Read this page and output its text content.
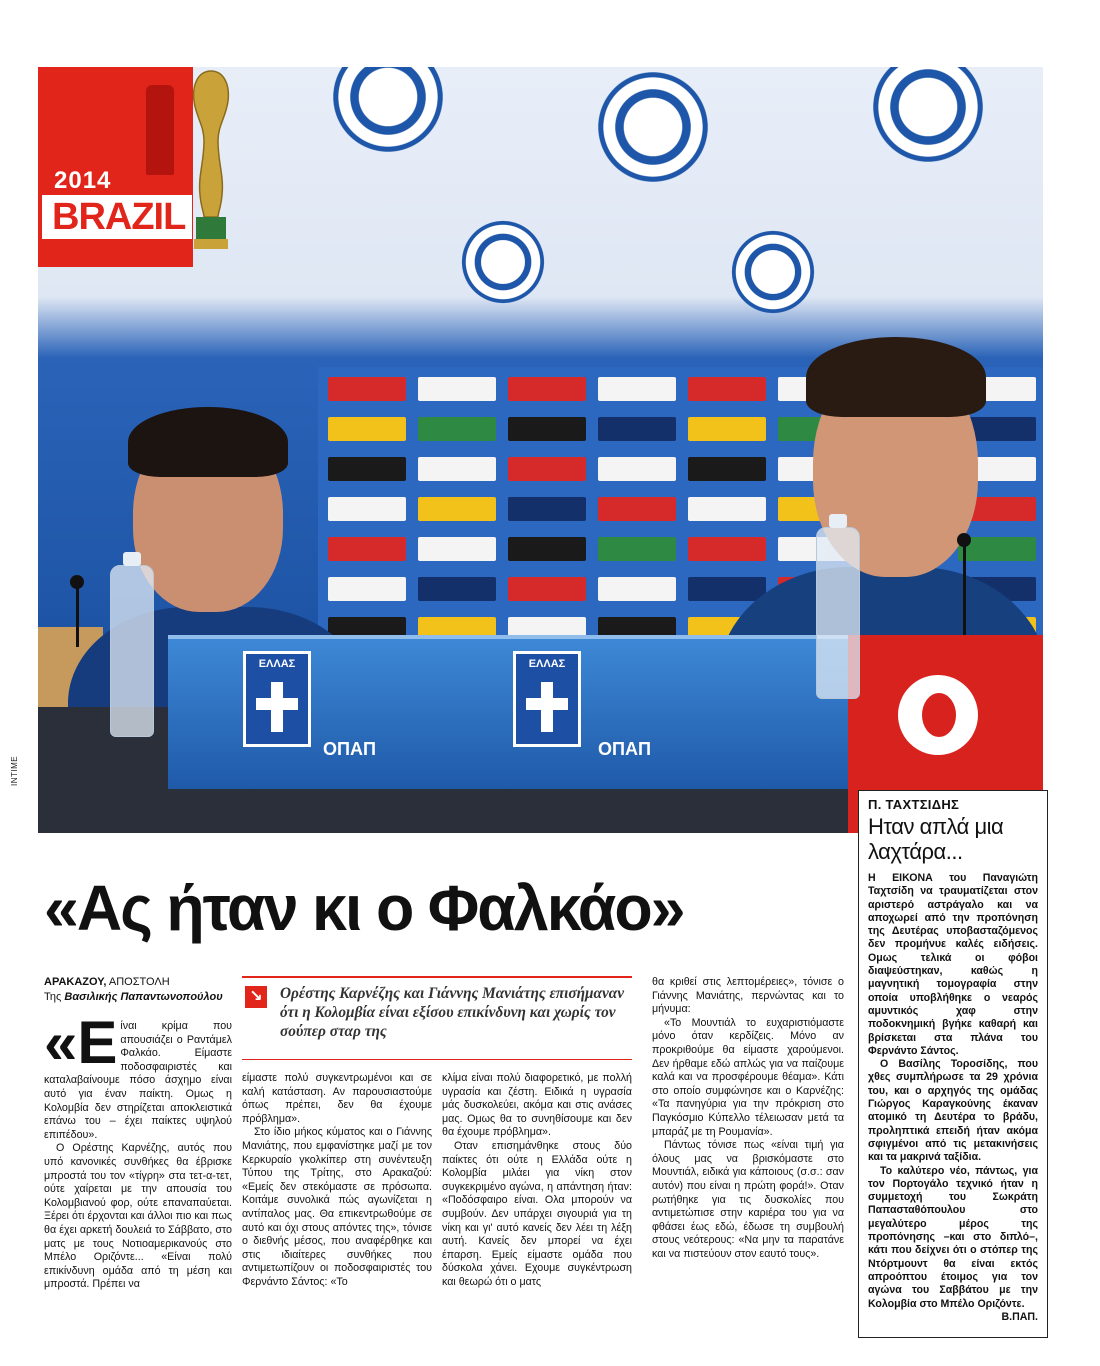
ΕΛΛΑΣ
ΟΠΑΠ
ΕΛΛΑΣ
ΟΠΑΠ
2014
BRAZIL
INTIME
Π. ΤΑΧΤΣΙΔΗΣ
Ηταν απλά μια λαχτάρα...

Η ΕΙΚΟΝΑ του Παναγιώτη Ταχτσίδη να τραυματίζεται στον αριστερό αστράγαλο και να αποχωρεί από την προπόνηση της Δευτέρας υποβασταζόμενος δεν προμήνυε καλές ειδήσεις. Ομως τελικά οι φόβοι διαψεύστηκαν, καθώς η μαγνητική τομογραφία στην οποία υποβλήθηκε ο νεαρός αμυντικός χαφ στην ποδοκνημική βγήκε καθαρή και βρίσκεται στα πλάνα του Φερνάντο Σάντος.

Ο Βασίλης Τοροσίδης, που χθες συμπλήρωσε τα 29 χρόνια του, και ο αρχηγός της ομάδας Γιώργος Καραγκούνης έκαναν ατομικό τη Δευτέρα το βράδυ, προληπτικά επειδή ήταν ακόμα σφιγμένοι από τις μετακινήσεις και τα μακρινά ταξίδια.

Το καλύτερο νέο, πάντως, για τον Πορτογάλο τεχνικό ήταν η συμμετοχή του Σωκράτη Παπασταθόπουλου στο μεγαλύτερο μέρος της προπόνησης –και στο διπλό–, κάτι που δείχνει ότι ο στόπερ της Ντόρτμουντ θα είναι εκτός απροόπτου έτοιμος για τον αγώνα του Σαββάτου με την Κολομβία στο Μπέλο Οριζόντε.
Β.ΠΑΠ.

«Ας ήταν κι ο Φαλκάο»
ΑΡΑΚΑΖΟΥ, ΑΠΟΣΤΟΛΗ
Της Βασιλικής Παπαντωνοπούλου	↘ Ορέστης Καρνέζης και Γιάννης Μανιάτης επισήμαναν ότι η Κολομβία είναι εξίσου επικίνδυνη και χωρίς τον σούπερ σταρ της

«Είναι κρίμα που απουσιάζει ο Ραντάμελ Φαλκάο. Είμαστε ποδοσφαιριστές και καταλαβαίνουμε πόσο άσχημο είναι αυτό για έναν παίκτη. Ομως η Κολομβία δεν στηρίζεται αποκλειστικά επάνω του – έχει παίκτες υψηλού επιπέδου».

Ο Ορέστης Καρνέζης, αυτός που υπό κανονικές συνθήκες θα έβρισκε μπροστά του τον «τίγρη» στα τετ-α-τετ, ούτε χαίρεται με την απουσία του Κολομβιανού φορ, ούτε επαναπαύεται. Ξέρει ότι έρχονται και άλλοι πιο και πως θα έχει αρκετή δουλειά το Σάββατο, στο ματς με τους Νοτιοαμερικανούς στο Μπέλο Οριζόντε... «Είναι πολύ επικίνδυνη ομάδα από τη μέση και μπροστά. Πρέπει να

είμαστε πολύ συγκεντρωμένοι και σε καλή κατάσταση. Αν παρουσιαστούμε όπως πρέπει, δεν θα έχουμε πρόβλημα».

Στο ίδιο μήκος κύματος και ο Γιάννης Μανιάτης, που εμφανίστηκε μαζί με τον Κερκυραίο γκολκίπερ στη συνέντευξη Τύπου της Τρίτης, στο Αρακαζού: «Εμείς δεν στεκόμαστε σε πρόσωπα. Κοιτάμε συνολικά πώς αγωνίζεται η αντίπαλος μας. Θα επικεντρωθούμε σε αυτό και όχι στους απόντες της», τόνισε ο διεθνής μέσος, που αναφέρθηκε και στις ιδιαίτερες συνθήκες που αντιμετωπίζουν οι ποδοσφαιριστές του Φερνάντο Σάντος: «Το

κλίμα είναι πολύ διαφορετικό, με πολλή υγρασία και ζέστη. Ειδικά η υγρασία μάς δυσκολεύει, ακόμα και στις ανάσες μας. Ομως θα το συνηθίσουμε και δεν θα έχουμε πρόβλημα».

Οταν επισημάνθηκε στους δύο παίκτες ότι ούτε η Ελλάδα ούτε η Κολομβία μιλάει για νίκη στον συγκεκριμένο αγώνα, η απάντηση ήταν: «Ποδόσφαιρο είναι. Ολα μπορούν να συμβούν. Δεν υπάρχει σιγουριά για τη νίκη και γι' αυτό κανείς δεν λέει τη λέξη αυτή. Κανείς δεν μπορεί να έχει έπαρση. Εμείς είμαστε ομάδα που δύσκολα χάνει. Εχουμε συγκέντρωση και θεωρώ ότι ο ματς

θα κριθεί στις λεπτομέρειες», τόνισε ο Γιάννης Μανιάτης, περνώντας και το μήνυμα:

«Το Μουντιάλ το ευχαριστιόμαστε μόνο όταν κερδίζεις. Μόνο αν προκριθούμε θα είμαστε χαρούμενοι. Δεν ήρθαμε εδώ απλώς για να παίζουμε καλά και να προσφέρουμε θέαμα». Κάτι στο οποίο συμφώνησε και ο Καρνέζης: «Τα πανηγύρια για την πρόκριση στο Παγκόσμιο Κύπελλο τέλειωσαν μετά τα μπαράζ με τη Ρουμανία».

Πάντως τόνισε πως «είναι τιμή για όλους μας να βρισκόμαστε στο Μουντιάλ, ειδικά για κάποιους (σ.σ.: σαν αυτόν) που είναι η πρώτη φορά!». Οταν ρωτήθηκε για τις δυσκολίες που αντιμετώπισε στην καριέρα του για να φθάσει έως εδώ, έδωσε τη συμβουλή στους νεότερους: «Να μην τα παρατάνε και να πιστεύουν στον εαυτό τους».
